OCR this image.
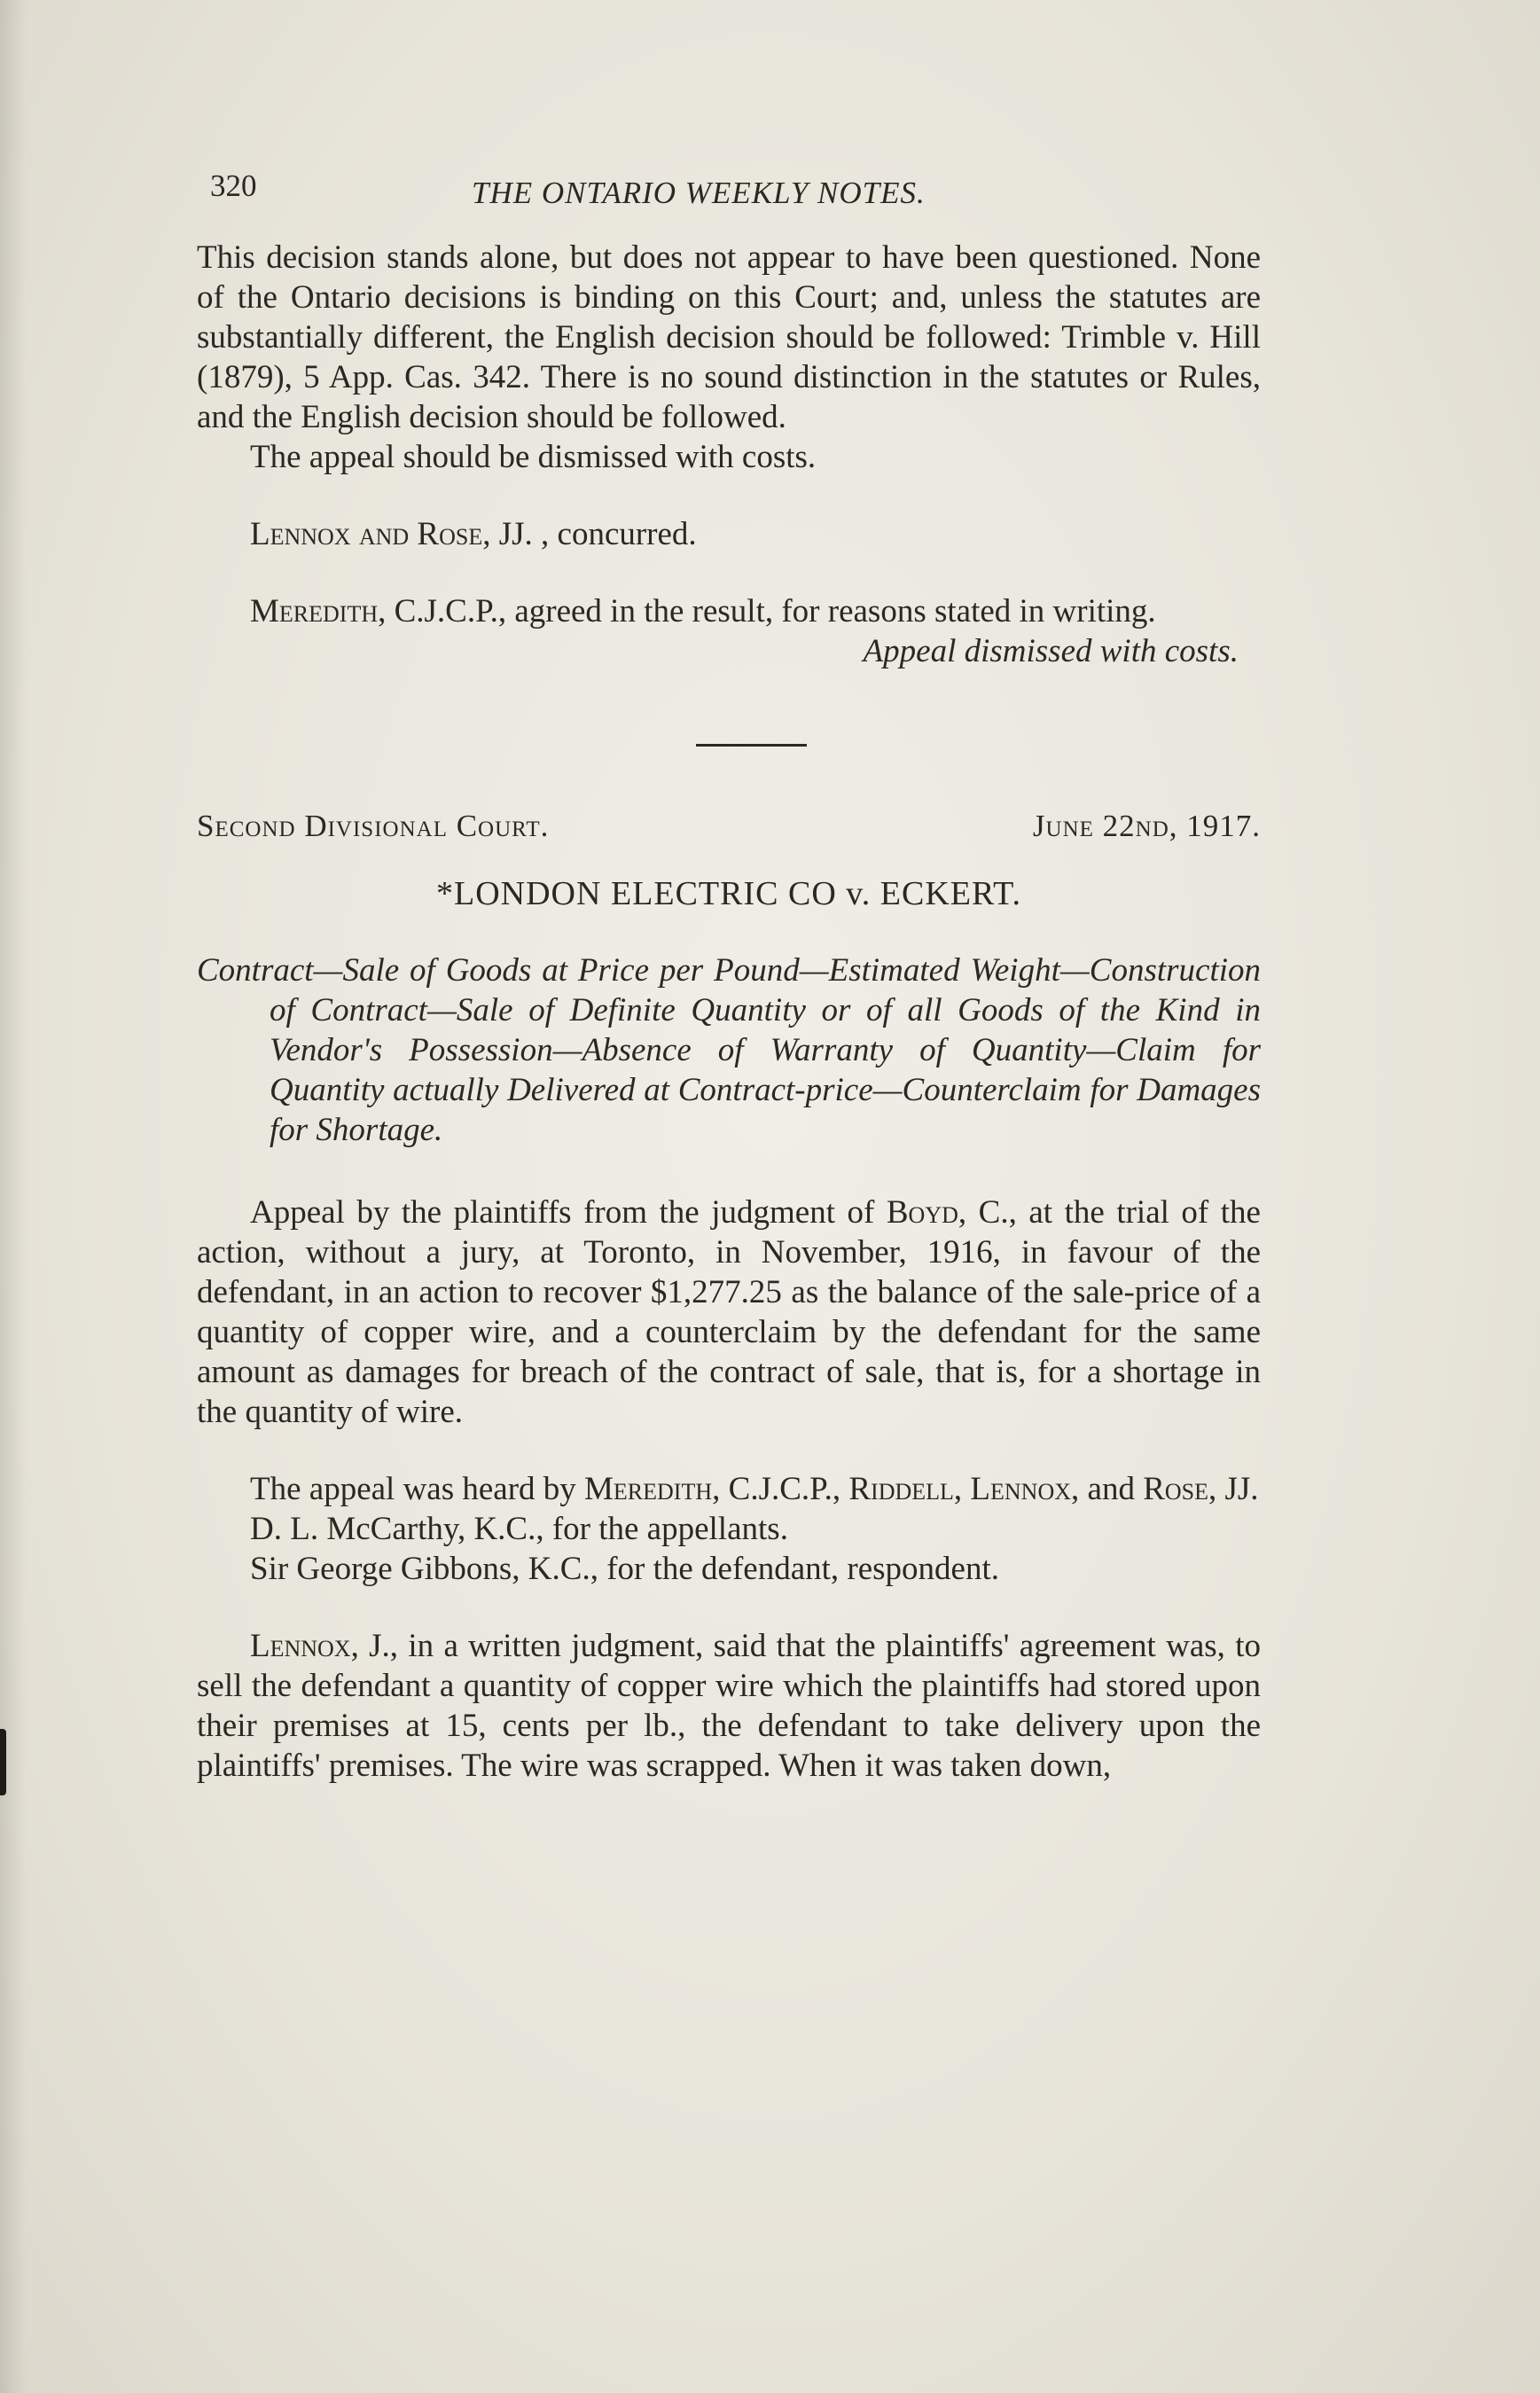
320	THE ONTARIO WEEKLY NOTES.

This decision stands alone, but does not appear to have been questioned. None of the Ontario decisions is binding on this Court; and, unless the statutes are substantially different, the English decision should be followed: Trimble v. Hill (1879), 5 App. Cas. 342. There is no sound distinction in the statutes or Rules, and the English decision should be followed.

The appeal should be dismissed with costs.

Lennox and Rose, JJ. , concurred.

Meredith, C.J.C.P., agreed in the result, for reasons stated in writing.

Appeal dismissed with costs.

Second Divisional Court.	June 22nd, 1917.
*LONDON ELECTRIC CO v. ECKERT.
Contract—Sale of Goods at Price per Pound—Estimated Weight—Construction of Contract—Sale of Definite Quantity or of all Goods of the Kind in Vendor's Possession—Absence of Warranty of Quantity—Claim for Quantity actually Delivered at Contract-price—Counterclaim for Damages for Shortage.

Appeal by the plaintiffs from the judgment of Boyd, C., at the trial of the action, without a jury, at Toronto, in November, 1916, in favour of the defendant, in an action to recover $1,277.25 as the balance of the sale-price of a quantity of copper wire, and a counterclaim by the defendant for the same amount as damages for breach of the contract of sale, that is, for a shortage in the quantity of wire.

The appeal was heard by Meredith, C.J.C.P., Riddell, Lennox, and Rose, JJ.

D. L. McCarthy, K.C., for the appellants.

Sir George Gibbons, K.C., for the defendant, respondent.

Lennox, J., in a written judgment, said that the plaintiffs' agreement was, to sell the defendant a quantity of copper wire which the plaintiffs had stored upon their premises at 15, cents per lb., the defendant to take delivery upon the plaintiffs' premises. The wire was scrapped. When it was taken down,
